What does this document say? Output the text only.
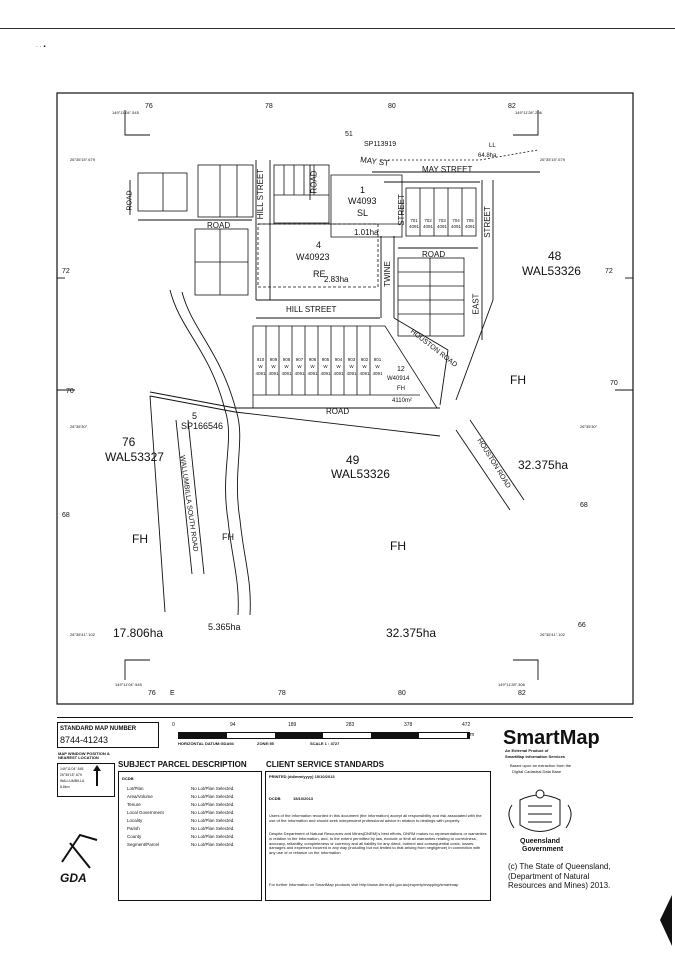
· · ▪
76	78	80	82
149°11'04".545	149°11'28".206
26°35'15".679	26°35'15".679
72	72
70
70
26°35'30"	26°35'30"
68
68
66
26°35'41".102	26°35'41".102
149°11'04".545	149°11'28".306
76 E	78	80	82
51
SP113919	LL
64.8ha
MAY ST
MAY STREET
1
W4093
SL
1.01ha
4
W40923
RE
2.83ha
HILL STREET
ROAD
ROAD
ROAD	STREET
TWINE
ROAD
EAST
STREET
HILL STREET
HOUSTON ROAD
ROAD
WALLUMBILLA SOUTH ROAD	HOUSTON ROAD
48
WAL53326
FH
12
W40914
FH
4110m²
5
SP166546
76
WAL53327	49
WAL53326
32.375ha
FH	FH
FH
17.806ha	5.365ha	32.375ha
910
W
4091
909
W
4091
908
W
4091
907
W
4091
906
W
4091
905
W
4091
904
W
4091
903
W
4091
902
W
4091
901
W
4091
701
4091
702
4091
703
4091
704
4091
705
4091
STANDARD MAP NUMBER
8744-41243
0	94	189	283	378	472
m
HORIZONTAL DATUM:GDA94	ZONE:55	SCALE 1 : 4727
MAP WINDOW POSITION & NEAREST LOCATION
149°11'04".545
26°35'15".679
WALLUMBILLA
8.8km
GDA
SUBJECT PARCEL DESCRIPTION
DCDB
Lot/Plan	No Lot/Plan Selected.
Area/Volume	No Lot/Plan Selected.
Tenure	No Lot/Plan Selected.
Local Government	No Lot/Plan Selected.
Locality	No Lot/Plan Selected.
Parish	No Lot/Plan Selected.
County	No Lot/Plan Selected.
Segment/Parcel	No Lot/Plan Selected.
CLIENT SERVICE STANDARDS
PRINTED (dd/mm/yyyy) 15/10/2013
DCDB	15/10/2013
Users of the information recorded in this document (the Information) accept all responsibility and risk associated with the use of the Information and should seek independent professional advice in relation to dealings with property.
Despite Department of Natural Resources and Mines(DNRM)'s best efforts, DNRM makes no representations or warranties in relation to the Information, and, to the extent permitted by law, exclude or limit all warranties relating to correctness, accuracy, reliability, completeness or currency and all liability for any direct, indirect and consequential costs, losses, damages and expenses incurred in any way (including but not limited to that arising from negligence) in connection with any use of or reliance on the Information
For further information on SmartMap products visit http://www.dnrm.qld.gov.au/property/mapping/smartmap
SmartMap
An External Product of
SmartMap Information Services
Based upon an extraction from the
Digital Cadastral Data Base
Queensland
Government
(c) The State of Queensland, (Department of Natural Resources and Mines) 2013.
